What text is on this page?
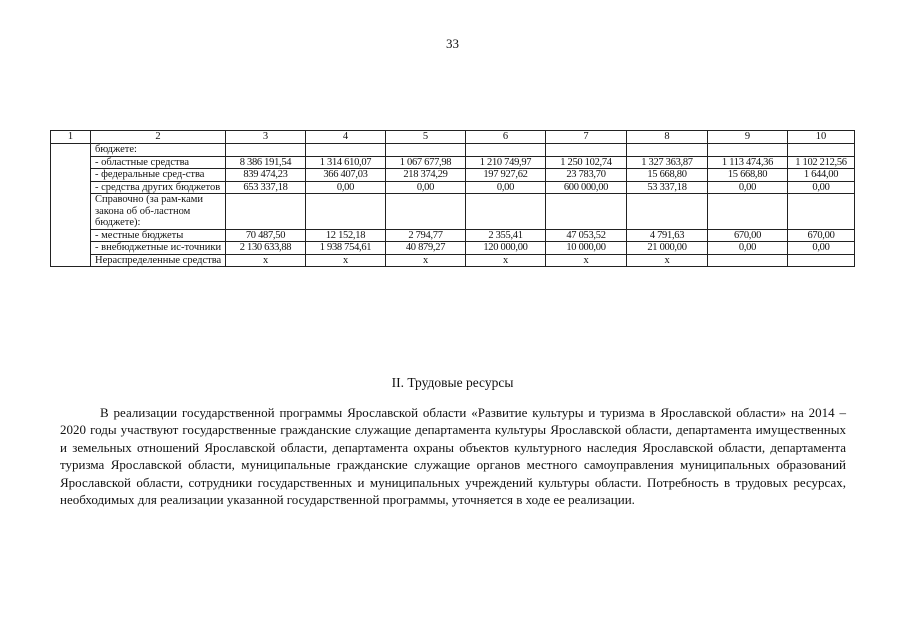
33
1	2	3	4	5	6	7	8	9	10
	бюджете:								
	- областные средства	8 386 191,54	1 314 610,07	1 067 677,98	1 210 749,97	1 250 102,74	1 327 363,87	1 113 474,36	1 102 212,56
	- федеральные сред-ства	839 474,23	366 407,03	218 374,29	197 927,62	23 783,70	15 668,80	15 668,80	1 644,00
	- средства других бюджетов	653 337,18	0,00	0,00	0,00	600 000,00	53 337,18	0,00	0,00
	Справочно (за рам-ками закона об об-ластном бюджете):								
	- местные бюджеты	70 487,50	12 152,18	2 794,77	2 355,41	47 053,52	4 791,63	670,00	670,00
	- внебюджетные ис-точники	2 130 633,88	1 938 754,61	40 879,27	120 000,00	10 000,00	21 000,00	0,00	0,00
	Нераспределенные средства	х	х	х	х	х	х		
II. Трудовые ресурсы

В реализации государственной программы Ярославской области «Развитие культуры и туризма в Ярославской области» на 2014 – 2020 годы участвуют государственные гражданские служащие департамента культуры Ярославской области, департамента имущественных и земельных отношений Ярославской области, департамента охраны объектов культурного наследия Ярославской области, департамента туризма Ярославской области, муниципальные гражданские служащие органов местного самоуправления муниципальных образований Ярославской области, сотрудники государственных и муниципальных учреждений культуры области. Потребность в трудовых ресурсах, необходимых для реализации указанной государственной программы, уточняется в ходе ее реализации.
